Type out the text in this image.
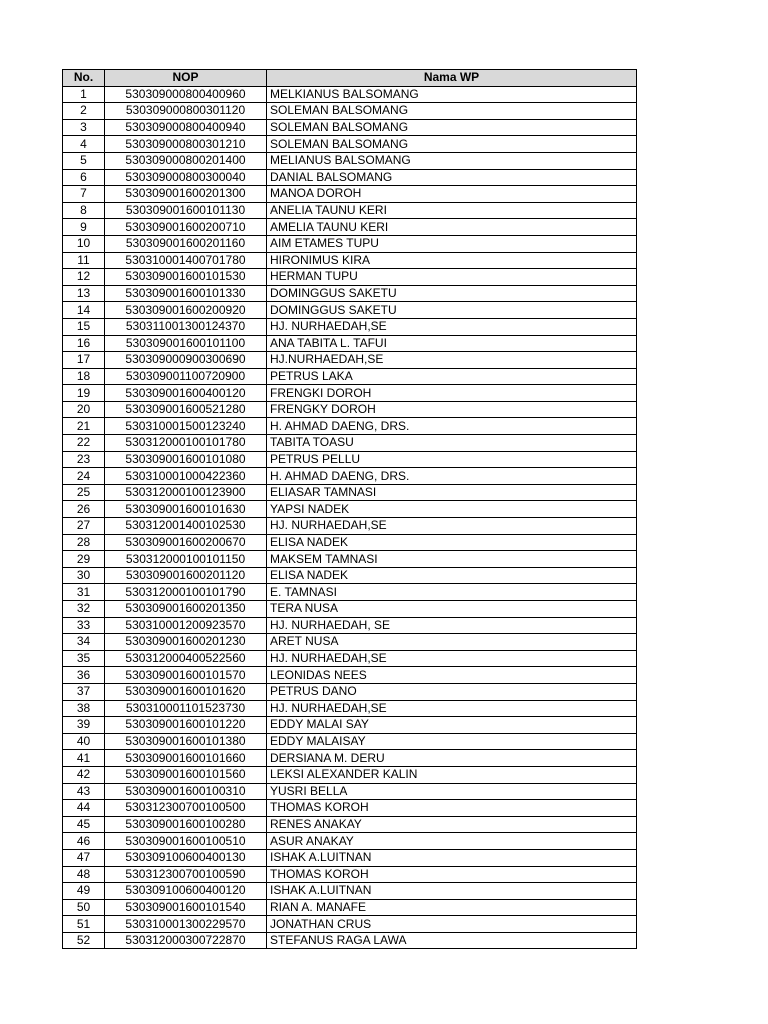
No.	NOP	Nama WP
1	530309000800400960	MELKIANUS BALSOMANG
2	530309000800301120	SOLEMAN BALSOMANG
3	530309000800400940	SOLEMAN BALSOMANG
4	530309000800301210	SOLEMAN BALSOMANG
5	530309000800201400	MELIANUS BALSOMANG
6	530309000800300040	DANIAL BALSOMANG
7	530309001600201300	MANOA DOROH
8	530309001600101130	ANELIA TAUNU KERI
9	530309001600200710	AMELIA TAUNU KERI
10	530309001600201160	AIM ETAMES TUPU
11	530310001400701780	HIRONIMUS KIRA
12	530309001600101530	HERMAN TUPU
13	530309001600101330	DOMINGGUS SAKETU
14	530309001600200920	DOMINGGUS SAKETU
15	530311001300124370	HJ. NURHAEDAH,SE
16	530309001600101100	ANA TABITA L. TAFUI
17	530309000900300690	HJ.NURHAEDAH,SE
18	530309001100720900	PETRUS LAKA
19	530309001600400120	FRENGKI DOROH
20	530309001600521280	FRENGKY DOROH
21	530310001500123240	H. AHMAD DAENG, DRS.
22	530312000100101780	TABITA TOASU
23	530309001600101080	PETRUS PELLU
24	530310001000422360	H. AHMAD DAENG, DRS.
25	530312000100123900	ELIASAR TAMNASI
26	530309001600101630	YAPSI NADEK
27	530312001400102530	HJ. NURHAEDAH,SE
28	530309001600200670	ELISA NADEK
29	530312000100101150	MAKSEM TAMNASI
30	530309001600201120	ELISA NADEK
31	530312000100101790	E. TAMNASI
32	530309001600201350	TERA NUSA
33	530310001200923570	HJ. NURHAEDAH, SE
34	530309001600201230	ARET NUSA
35	530312000400522560	HJ. NURHAEDAH,SE
36	530309001600101570	LEONIDAS NEES
37	530309001600101620	PETRUS DANO
38	530310001101523730	HJ. NURHAEDAH,SE
39	530309001600101220	EDDY MALAI SAY
40	530309001600101380	EDDY MALAISAY
41	530309001600101660	DERSIANA M. DERU
42	530309001600101560	LEKSI ALEXANDER KALIN
43	530309001600100310	YUSRI BELLA
44	530312300700100500	THOMAS KOROH
45	530309001600100280	RENES ANAKAY
46	530309001600100510	ASUR ANAKAY
47	530309100600400130	ISHAK A.LUITNAN
48	530312300700100590	THOMAS KOROH
49	530309100600400120	ISHAK A.LUITNAN
50	530309001600101540	RIAN A. MANAFE
51	530310001300229570	JONATHAN CRUS
52	530312000300722870	STEFANUS RAGA LAWA
